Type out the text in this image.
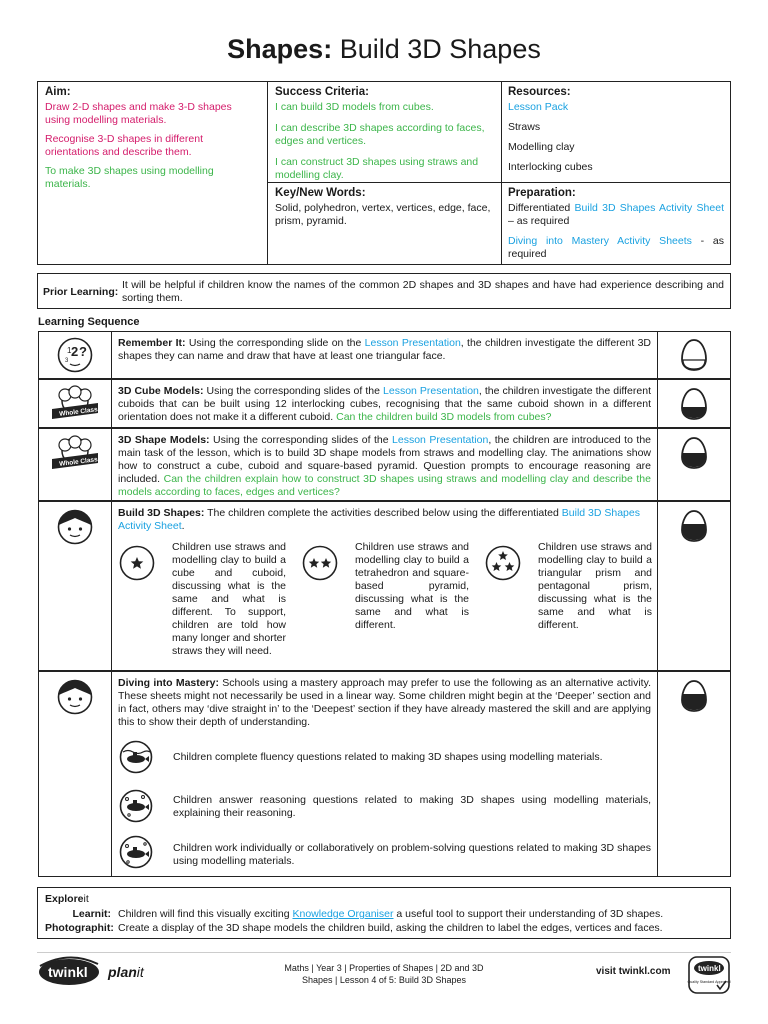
Shapes: Build 3D Shapes
Aim:
Draw 2-D shapes and make 3-D shapes using modelling materials.
Recognise 3-D shapes in different orientations and describe them.
To make 3D shapes using modelling materials.
Success Criteria:
I can build 3D models from cubes.
I can describe 3D shapes according to faces, edges and vertices.
I can construct 3D shapes using straws and modelling clay.
Resources:
Lesson Pack
Straws
Modelling clay
Interlocking cubes
Key/New Words:
Solid, polyhedron, vertex, vertices, edge, face, prism, pyramid.
Preparation:
Differentiated Build 3D Shapes Activity Sheet – as required
Diving into Mastery Activity Sheets - as required
Prior Learning:
It will be helpful if children know the names of the common 2D shapes and 3D shapes and have had experience describing and sorting them.
Learning Sequence
1 2 ?
3
Remember It: Using the corresponding slide on the Lesson Presentation, the children investigate the different 3D shapes they can name and draw that have at least one triangular face.
Whole Class
3D Cube Models: Using the corresponding slides of the Lesson Presentation, the children investigate the different cuboids that can be built using 12 interlocking cubes, recognising that the same cuboid shown in a different orientation does not make it a different cuboid. Can the children build 3D models from cubes?
Whole Class
3D Shape Models: Using the corresponding slides of the Lesson Presentation, the children are introduced to the main task of the lesson, which is to build 3D shape models from straws and modelling clay. The animations show how to construct a cube, cuboid and square-based pyramid. Question prompts to encourage reasoning are included. Can the children explain how to construct 3D shapes using straws and modelling clay and describe the models according to faces, edges and vertices?
Build 3D Shapes: The children complete the activities described below using the differentiated Build 3D Shapes Activity Sheet.
Children use straws and modelling clay to build a cube and cuboid, discussing what is the same and what is different. To support, children are told how many longer and shorter straws they will need.
Children use straws and modelling clay to build a tetrahedron and square-based pyramid, discussing what is the same and what is different.
Children use straws and modelling clay to build a triangular prism and pentagonal prism, discussing what is the same and what is different.
Diving into Mastery: Schools using a mastery approach may prefer to use the following as an alternative activity. These sheets might not necessarily be used in a linear way. Some children might begin at the ‘Deeper’ section and in fact, others may ‘dive straight in’ to the ‘Deepest’ section if they have already mastered the skill and are applying this to show their depth of understanding.
Children complete fluency questions related to making 3D shapes using modelling materials.
Children answer reasoning questions related to making 3D shapes using modelling materials, explaining their reasoning.
Children work individually or collaboratively on problem-solving questions related to making 3D shapes using modelling materials.
Exploreit
Learnit: Children will find this visually exciting Knowledge Organiser a useful tool to support their understanding of 3D shapes.
Photographit: Create a display of the 3D shape models the children build, asking the children to label the edges, vertices and faces.
twinkl planit	Maths | Year 3 | Properties of Shapes | 2D and 3D
Shapes | Lesson 4 of 5: Build 3D Shapes
visit twinkl.com	twinkl
Quality Standard Approved
